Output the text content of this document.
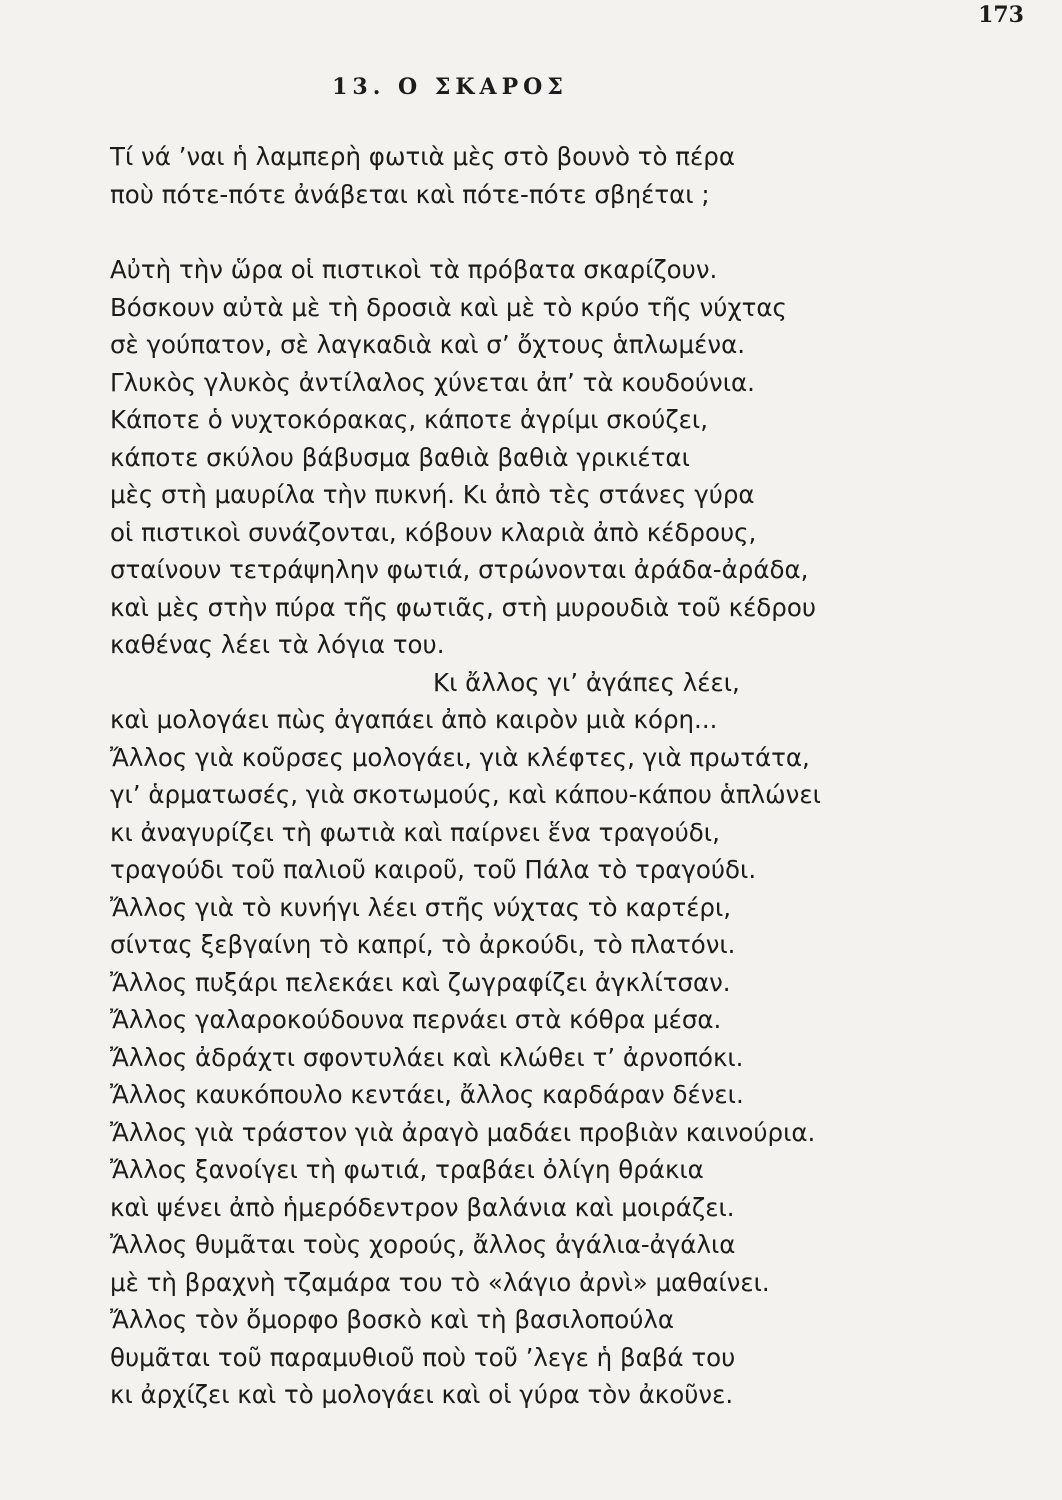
173
13. Ο ΣΚΑΡΟΣ
Τί νά ’ναι ἡ λαμπερὴ φωτιὰ μὲς στὸ βουνὸ τὸ πέρα
ποὺ πότε-πότε ἀνάβεται καὶ πότε-πότε σβηέται ;
Αὐτὴ τὴν ὥρα οἱ πιστικοὶ τὰ πρόβατα σκαρίζουν.
Βόσκουν αὐτὰ μὲ τὴ δροσιὰ καὶ μὲ τὸ κρύο τῆς νύχτας
σὲ γούπατον, σὲ λαγκαδιὰ καὶ σ’ ὄχτους ἁπλωμένα.
Γλυκὸς γλυκὸς ἀντίλαλος χύνεται ἀπ’ τὰ κουδούνια.
Κάποτε ὁ νυχτοκόρακας, κάποτε ἀγρίμι σκούζει,
κάποτε σκύλου βάβυσμα βαθιὰ βαθιὰ γρικιέται
μὲς στὴ μαυρίλα τὴν πυκνή. Κι ἀπὸ τὲς στάνες γύρα
οἱ πιστικοὶ συνάζονται, κόβουν κλαριὰ ἀπὸ κέδρους,
σταίνουν τετράψηλην φωτιά, στρώνονται ἀράδα-ἀράδα,
καὶ μὲς στὴν πύρα τῆς φωτιᾶς, στὴ μυρουδιὰ τοῦ κέδρου
καθένας λέει τὰ λόγια του.
Κι ἄλλος γι’ ἀγάπες λέει,
καὶ μολογάει πὼς ἀγαπάει ἀπὸ καιρὸν μιὰ κόρη...
Ἄλλος γιὰ κοῦρσες μολογάει, γιὰ κλέφτες, γιὰ πρωτάτα,
γι’ ἁρματωσές, γιὰ σκοτωμούς, καὶ κάπου-κάπου ἁπλώνει
κι ἀναγυρίζει τὴ φωτιὰ καὶ παίρνει ἕνα τραγούδι,
τραγούδι τοῦ παλιοῦ καιροῦ, τοῦ Πάλα τὸ τραγούδι.
Ἄλλος γιὰ τὸ κυνήγι λέει στῆς νύχτας τὸ καρτέρι,
σίντας ξεβγαίνη τὸ καπρί, τὸ ἀρκούδι, τὸ πλατόνι.
Ἄλλος πυξάρι πελεκάει καὶ ζωγραφίζει ἀγκλίτσαν.
Ἄλλος γαλαροκούδουνα περνάει στὰ κόθρα μέσα.
Ἄλλος ἀδράχτι σφοντυλάει καὶ κλώθει τ’ ἀρνοπόκι.
Ἄλλος καυκόπουλο κεντάει, ἄλλος καρδάραν δένει.
Ἄλλος γιὰ τράστον γιὰ ἀραγὸ μαδάει προβιὰν καινούρια.
Ἄλλος ξανοίγει τὴ φωτιά, τραβάει ὀλίγη θράκια
καὶ ψένει ἀπὸ ἡμερόδεντρον βαλάνια καὶ μοιράζει.
Ἄλλος θυμᾶται τοὺς χορούς, ἄλλος ἀγάλια-ἀγάλια
μὲ τὴ βραχνὴ τζαμάρα του τὸ «λάγιο ἀρνὶ» μαθαίνει.
Ἄλλος τὸν ὄμορφο βοσκὸ καὶ τὴ βασιλοπούλα
θυμᾶται τοῦ παραμυθιοῦ ποὺ τοῦ ’λεγε ἡ βαβά του
κι ἀρχίζει καὶ τὸ μολογάει καὶ οἱ γύρα τὸν ἀκοῦνε.
